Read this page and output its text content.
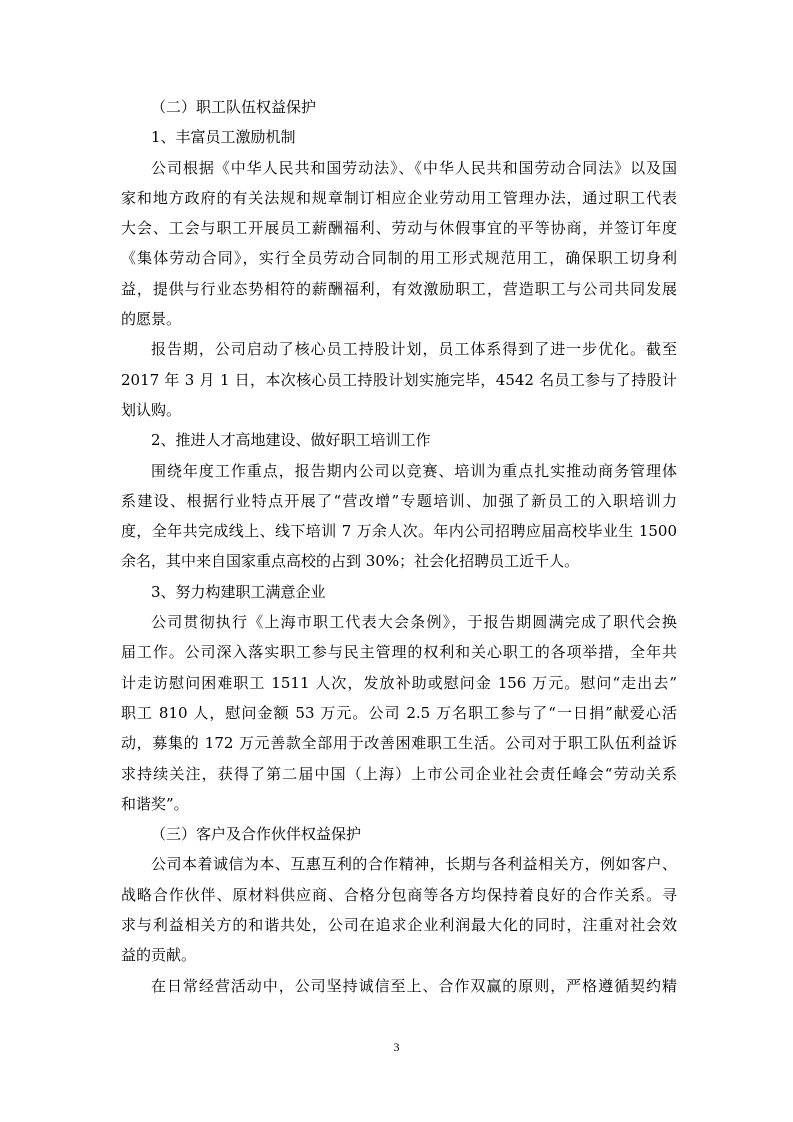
（二）职工队伍权益保护
1、丰富员工激励机制
公司根据《中华人民共和国劳动法》、《中华人民共和国劳动合同法》以及国
家和地方政府的有关法规和规章制订相应企业劳动用工管理办法，通过职工代表
大会、工会与职工开展员工薪酬福利、劳动与休假事宜的平等协商，并签订年度
《集体劳动合同》，实行全员劳动合同制的用工形式规范用工，确保职工切身利
益，提供与行业态势相符的薪酬福利，有效激励职工，营造职工与公司共同发展
的愿景。
报告期，公司启动了核心员工持股计划，员工体系得到了进一步优化。截至
2017 年 3 月 1 日，本次核心员工持股计划实施完毕，4542 名员工参与了持股计
划认购。
2、推进人才高地建设、做好职工培训工作
围绕年度工作重点，报告期内公司以竞赛、培训为重点扎实推动商务管理体
系建设、根据行业特点开展了“营改增”专题培训、加强了新员工的入职培训力
度，全年共完成线上、线下培训 7 万余人次。年内公司招聘应届高校毕业生 1500
余名，其中来自国家重点高校的占到 30%；社会化招聘员工近千人。
3、努力构建职工满意企业
公司贯彻执行《上海市职工代表大会条例》，于报告期圆满完成了职代会换
届工作。公司深入落实职工参与民主管理的权利和关心职工的各项举措，全年共
计走访慰问困难职工 1511 人次，发放补助或慰问金 156 万元。慰问“走出去”
职工 810 人，慰问金额 53 万元。公司 2.5 万名职工参与了“一日捐”献爱心活
动，募集的 172 万元善款全部用于改善困难职工生活。公司对于职工队伍利益诉
求持续关注，获得了第二届中国（上海）上市公司企业社会责任峰会“劳动关系
和谐奖”。
（三）客户及合作伙伴权益保护
公司本着诚信为本、互惠互利的合作精神，长期与各利益相关方，例如客户、
战略合作伙伴、原材料供应商、合格分包商等各方均保持着良好的合作关系。寻
求与利益相关方的和谐共处，公司在追求企业利润最大化的同时，注重对社会效
益的贡献。
在日常经营活动中，公司坚持诚信至上、合作双赢的原则，严格遵循契约精
3
